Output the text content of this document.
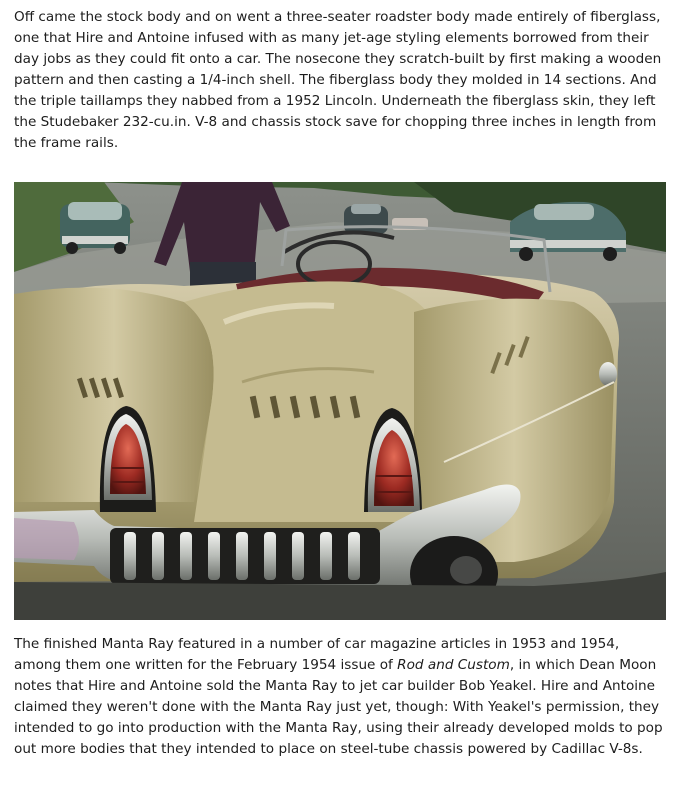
Off came the stock body and on went a three-seater roadster body made entirely of fiberglass, one that Hire and Antoine infused with as many jet-age styling elements borrowed from their day jobs as they could fit onto a car. The nosecone they scratch-built by first making a wooden pattern and then casting a 1/4-inch shell. The fiberglass body they molded in 14 sections. And the triple taillamps they nabbed from a 1952 Lincoln. Underneath the fiberglass skin, they left the Studebaker 232-cu.in. V-8 and chassis stock save for chopping three inches in length from the frame rails.

The finished Manta Ray featured in a number of car magazine articles in 1953 and 1954, among them one written for the February 1954 issue of Rod and Custom, in which Dean Moon notes that Hire and Antoine sold the Manta Ray to jet car builder Bob Yeakel. Hire and Antoine claimed they weren't done with the Manta Ray just yet, though: With Yeakel's permission, they intended to go into production with the Manta Ray, using their already developed molds to pop out more bodies that they intended to place on steel-tube chassis powered by Cadillac V-8s.
